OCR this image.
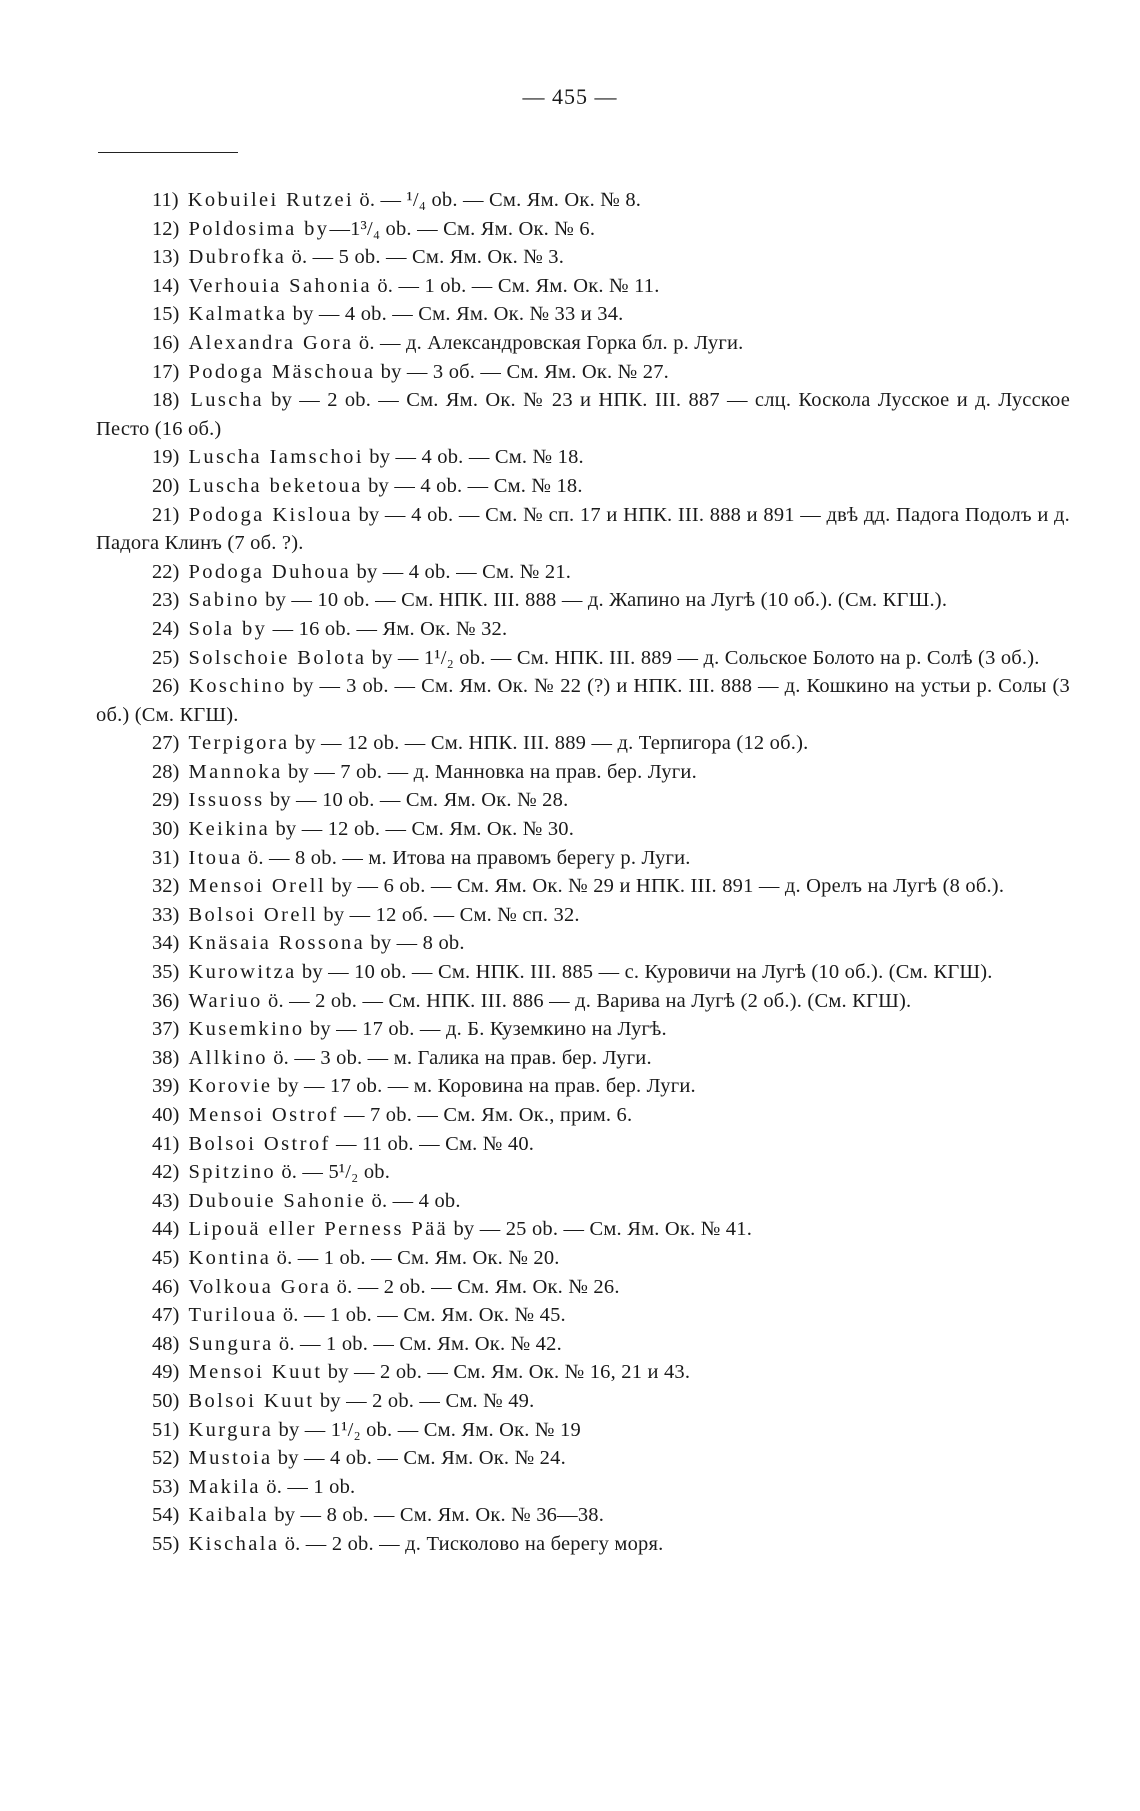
— 455 —

11) Kobuilei Rutzei ö. — ¹/₄ ob. — См. Ям. Ок. № 8.

12) Poldosima by—1³/₄ ob. — См. Ям. Ок. № 6.

13) Dubrofka ö. — 5 ob. — См. Ям. Ок. № 3.

14) Verhouia Sahonia ö. — 1 ob. — См. Ям. Ок. № 11.

15) Kalmatka by — 4 ob. — См. Ям. Ок. № 33 и 34.

16) Alexandra Gora ö. — д. Александровская Горка бл. р. Луги.

17) Podoga Mäschoua by — 3 об. — См. Ям. Ок. № 27.

18) Luscha by — 2 ob. — См. Ям. Ок. № 23 и НПК. III. 887 — слц. Коскола Лусское и д. Лусское Песто (16 об.)

19) Luscha Iamschoi by — 4 ob. — См. № 18.

20) Luscha beketoua by — 4 ob. — См. № 18.

21) Podoga Kisloua by — 4 ob. — См. № сп. 17 и НПК. III. 888 и 891 — двѣ дд. Падога Подолъ и д. Падога Клинъ (7 об. ?).

22) Podoga Duhoua by — 4 ob. — См. № 21.

23) Sabino by — 10 ob. — См. НПК. III. 888 — д. Жапино на Лугѣ (10 об.). (См. КГШ.).

24) Sola by — 16 ob. — Ям. Ок. № 32.

25) Solschoie Bolota by — 1¹/₂ ob. — См. НПК. III. 889 — д. Сольское Болото на р. Солѣ (3 об.).

26) Koschino by — 3 ob. — См. Ям. Ок. № 22 (?) и НПК. III. 888 — д. Кошкино на устьи р. Солы (3 об.) (См. КГШ).

27) Terpigora by — 12 ob. — См. НПК. III. 889 — д. Терпигора (12 об.).

28) Mannoka by — 7 ob. — д. Манновка на прав. бер. Луги.

29) Issuoss by — 10 ob. — См. Ям. Ок. № 28.

30) Keikina by — 12 ob. — См. Ям. Ок. № 30.

31) Itoua ö. — 8 ob. — м. Итова на правомъ берегу р. Луги.

32) Mensoi Orell by — 6 ob. — См. Ям. Ок. № 29 и НПК. III. 891 — д. Орелъ на Лугѣ (8 об.).

33) Bolsoi Orell by — 12 об. — См. № сп. 32.

34) Knäsaia Rossona by — 8 ob.

35) Kurowitza by — 10 ob. — См. НПК. III. 885 — с. Куровичи на Лугѣ (10 об.). (См. КГШ).

36) Wariuo ö. — 2 ob. — См. НПК. III. 886 — д. Варива на Лугѣ (2 об.). (См. КГШ).

37) Kusemkino by — 17 ob. — д. Б. Куземкино на Лугѣ.

38) Allkino ö. — 3 ob. — м. Галика на прав. бер. Луги.

39) Korovie by — 17 ob. — м. Коровина на прав. бер. Луги.

40) Mensoi Ostrof — 7 ob. — См. Ям. Ок., прим. 6.

41) Bolsoi Ostrof — 11 ob. — См. № 40.

42) Spitzino ö. — 5¹/₂ ob.

43) Dubouie Sahonie ö. — 4 ob.

44) Lipouä eller Perness Pää by — 25 ob. — См. Ям. Ок. № 41.

45) Kontina ö. — 1 ob. — См. Ям. Ок. № 20.

46) Volkoua Gora ö. — 2 ob. — См. Ям. Ок. № 26.

47) Turiloua ö. — 1 ob. — См. Ям. Ок. № 45.

48) Sungura ö. — 1 ob. — См. Ям. Ок. № 42.

49) Mensoi Kuut by — 2 ob. — См. Ям. Ок. № 16, 21 и 43.

50) Bolsoi Kuut by — 2 ob. — См. № 49.

51) Kurgura by — 1¹/₂ ob. — См. Ям. Ок. № 19

52) Mustoia by — 4 ob. — См. Ям. Ок. № 24.

53) Makila ö. — 1 ob.

54) Kaibala by — 8 ob. — См. Ям. Ок. № 36—38.

55) Kischala ö. — 2 ob. — д. Тисколово на берегу моря.
